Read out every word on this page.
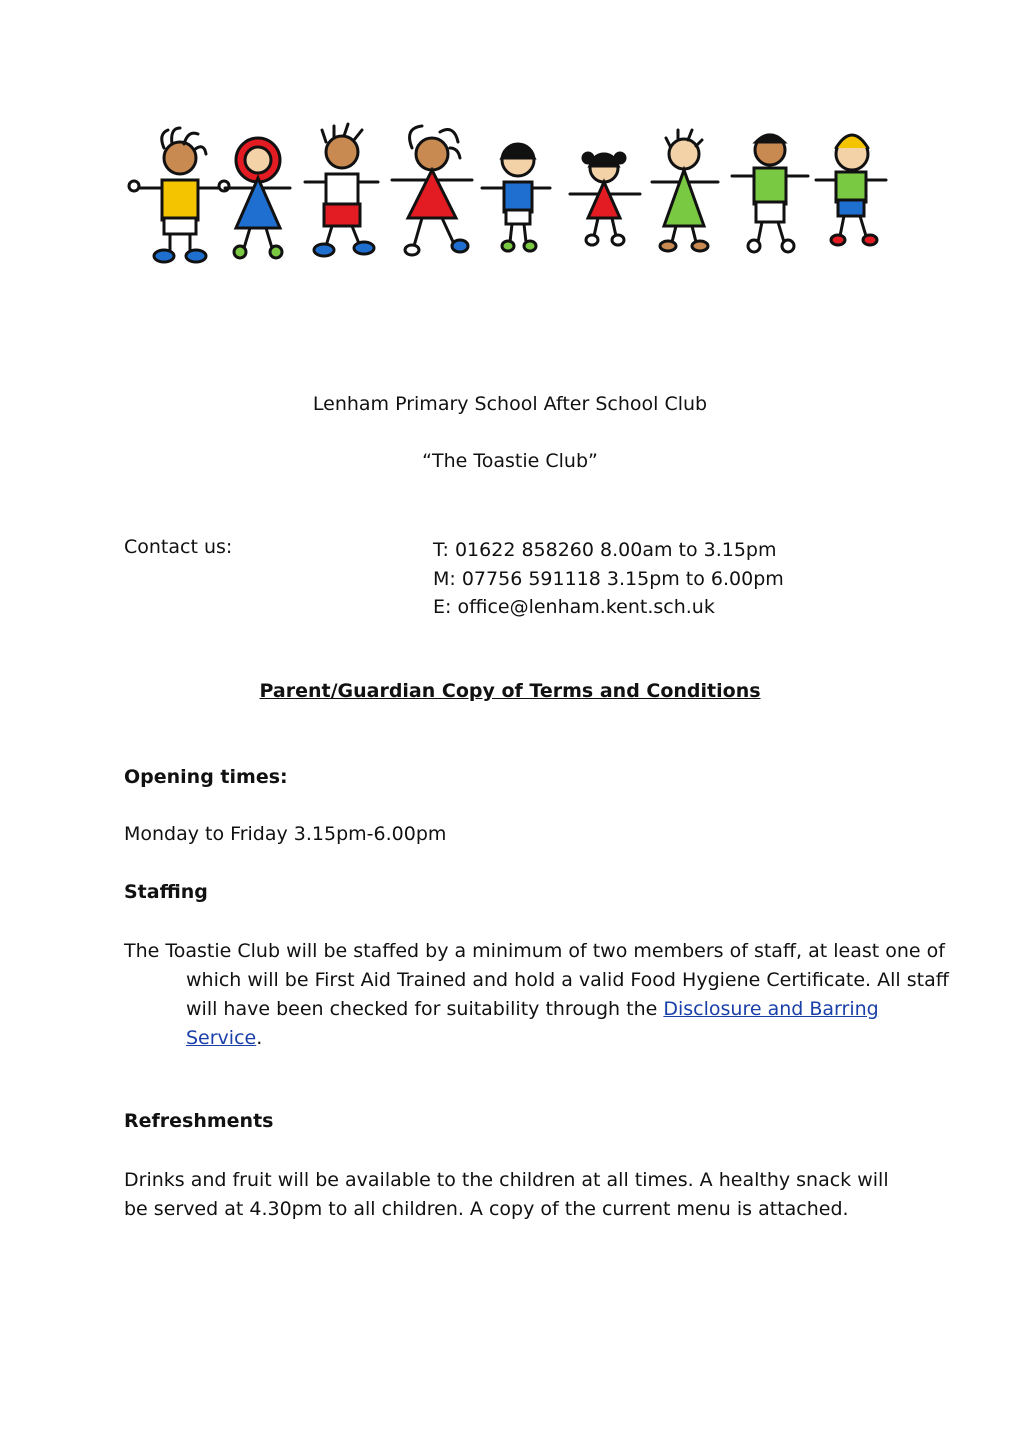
Lenham Primary School After School Club
“The Toastie Club”
Contact us:	T: 01622 858260 8.00am to 3.15pm
M: 07756 591118 3.15pm to 6.00pm
E: office@lenham.kent.sch.uk
Parent/Guardian Copy of Terms and Conditions
Opening times:
Monday to Friday 3.15pm-6.00pm
Staffing
The Toastie Club will be staffed by a minimum of two members of staff, at least one of which will be First Aid Trained and hold a valid Food Hygiene Certificate. All staff will have been checked for suitability through the Disclosure and Barring Service.
Refreshments
Drinks and fruit will be available to the children at all times. A healthy snack will be served at 4.30pm to all children. A copy of the current menu is attached.
